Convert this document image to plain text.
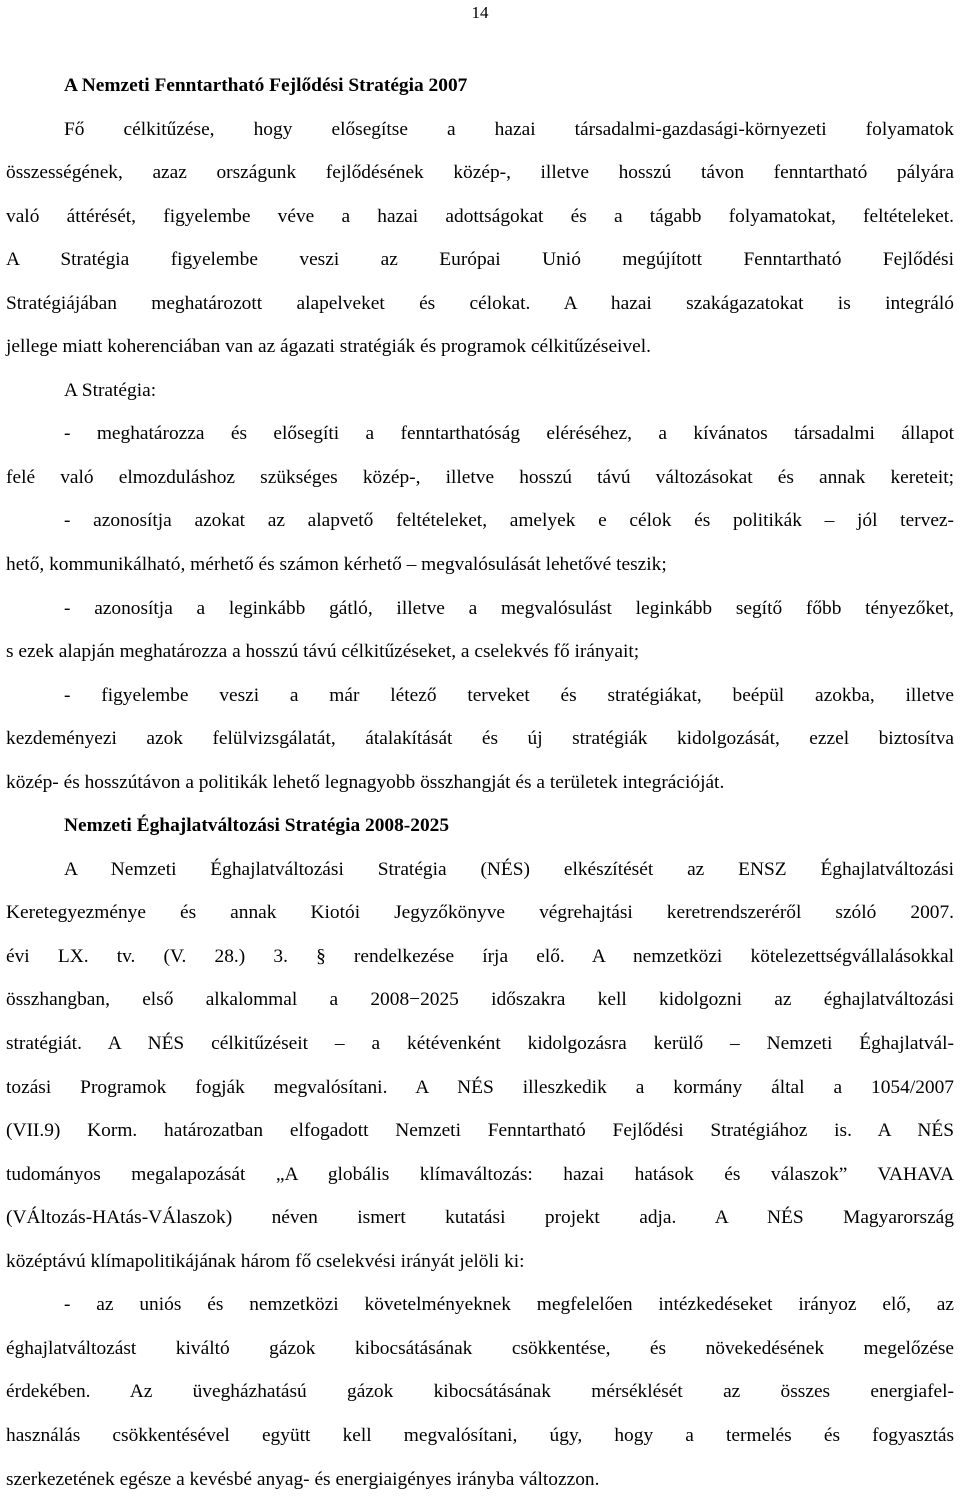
14
A Nemzeti Fenntartható Fejlődési Stratégia 2007
Fő célkitűzése, hogy elősegítse a hazai társadalmi-gazdasági-környezeti folyamatok
összességének, azaz országunk fejlődésének közép-, illetve hosszú távon fenntartható pályára
való áttérését, figyelembe véve a hazai adottságokat és a tágabb folyamatokat, feltételeket.
A Stratégia figyelembe veszi az Európai Unió megújított Fenntartható Fejlődési
Stratégiájában meghatározott alapelveket és célokat. A hazai szakágazatokat is integráló
jellege miatt koherenciában van az ágazati stratégiák és programok célkitűzéseivel.
A Stratégia:
- meghatározza és elősegíti a fenntarthatóság eléréséhez, a kívánatos társadalmi állapot
felé való elmozduláshoz szükséges közép-, illetve hosszú távú változásokat és annak kereteit;
- azonosítja azokat az alapvető feltételeket, amelyek e célok és politikák – jól tervez-
hető, kommunikálható, mérhető és számon kérhető – megvalósulását lehetővé teszik;
- azonosítja a leginkább gátló, illetve a megvalósulást leginkább segítő főbb tényezőket,
s ezek alapján meghatározza a hosszú távú célkitűzéseket, a cselekvés fő irányait;
- figyelembe veszi a már létező terveket és stratégiákat, beépül azokba, illetve
kezdeményezi azok felülvizsgálatát, átalakítását és új stratégiák kidolgozását, ezzel biztosítva
közép- és hosszútávon a politikák lehető legnagyobb összhangját és a területek integrációját.
Nemzeti Éghajlatváltozási Stratégia 2008-2025
A Nemzeti Éghajlatváltozási Stratégia (NÉS) elkészítését az ENSZ Éghajlatváltozási
Keretegyezménye és annak Kiotói Jegyzőkönyve végrehajtási keretrendszeréről szóló 2007.
évi LX. tv. (V. 28.) 3. § rendelkezése írja elő. A nemzetközi kötelezettségvállalásokkal
összhangban, első alkalommal a 2008−2025 időszakra kell kidolgozni az éghajlatváltozási
stratégiát. A NÉS célkitűzéseit – a kétévenként kidolgozásra kerülő – Nemzeti Éghajlatvál-
tozási Programok fogják megvalósítani. A NÉS illeszkedik a kormány által a 1054/2007
(VII.9) Korm. határozatban elfogadott Nemzeti Fenntartható Fejlődési Stratégiához is. A NÉS
tudományos megalapozását „A globális klímaváltozás: hazai hatások és válaszok” VAHAVA
(VÁltozás-HAtás-VÁlaszok) néven ismert kutatási projekt adja. A NÉS Magyarország
középtávú klímapolitikájának három fő cselekvési irányát jelöli ki:
- az uniós és nemzetközi követelményeknek megfelelően intézkedéseket irányoz elő, az
éghajlatváltozást kiváltó gázok kibocsátásának csökkentése, és növekedésének megelőzése
érdekében. Az üvegházhatású gázok kibocsátásának mérséklését az összes energiafel-
használás csökkentésével együtt kell megvalósítani, úgy, hogy a termelés és fogyasztás
szerkezetének egésze a kevésbé anyag- és energiaigényes irányba változzon.
